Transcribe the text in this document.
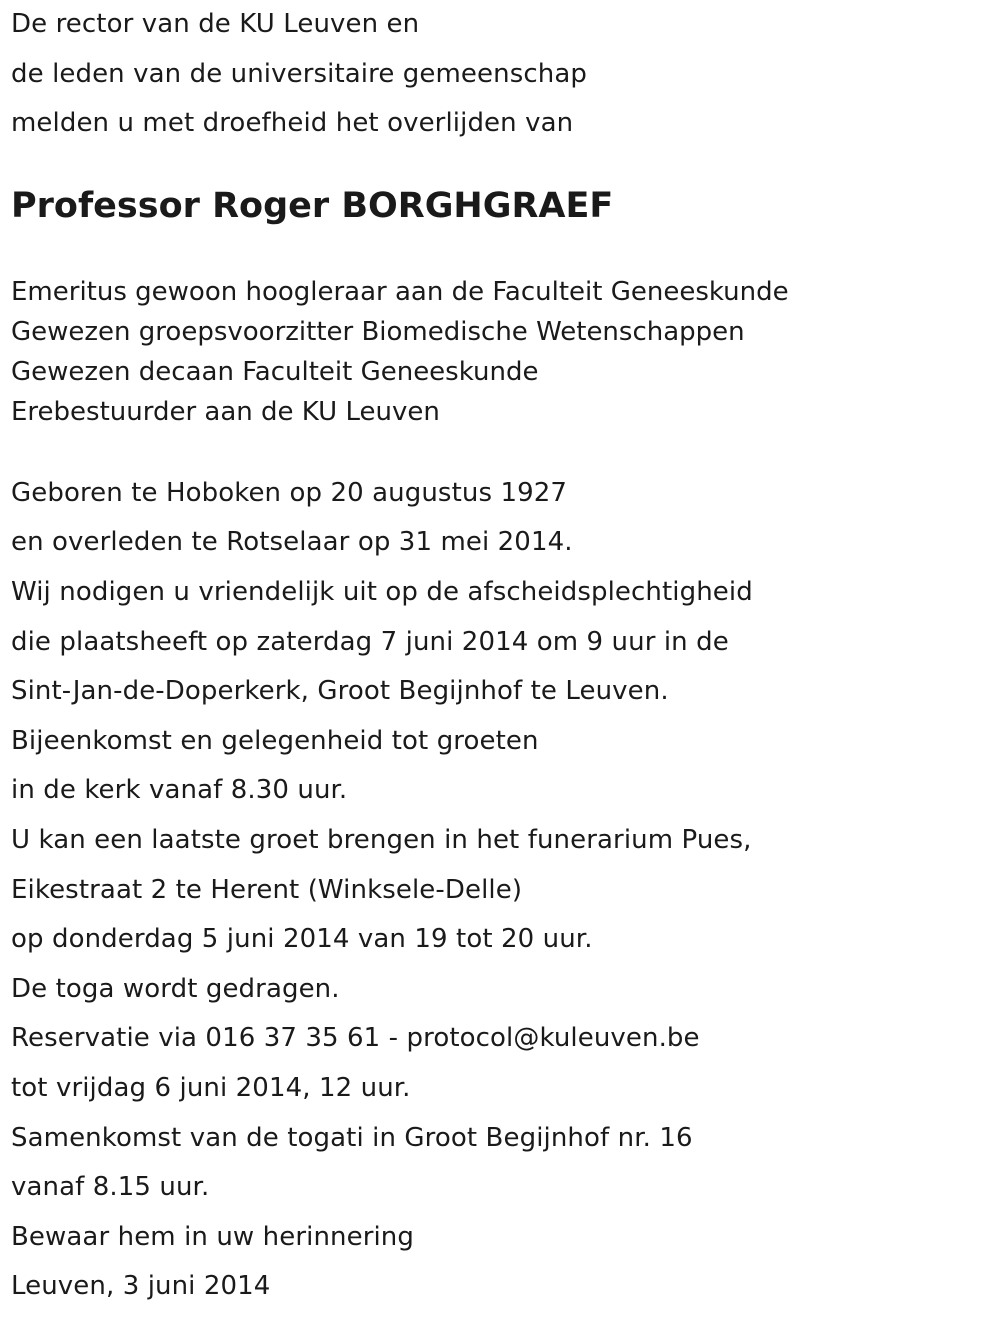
De rector van de KU Leuven en
de leden van de universitaire gemeenschap
melden u met droefheid het overlijden van
Professor Roger BORGHGRAEF
Emeritus gewoon hoogleraar aan de Faculteit Geneeskunde
Gewezen groepsvoorzitter Biomedische Wetenschappen
Gewezen decaan Faculteit Geneeskunde
Erebestuurder aan de KU Leuven
Geboren te Hoboken op 20 augustus 1927
en overleden te Rotselaar op 31 mei 2014.
Wij nodigen u vriendelijk uit op de afscheidsplechtigheid
die plaatsheeft op zaterdag 7 juni 2014 om 9 uur in de
Sint-Jan-de-Doperkerk, Groot Begijnhof te Leuven.
Bijeenkomst en gelegenheid tot groeten
in de kerk vanaf 8.30 uur.
U kan een laatste groet brengen in het funerarium Pues,
Eikestraat 2 te Herent (Winksele-Delle)
op donderdag 5 juni 2014 van 19 tot 20 uur.
De toga wordt gedragen.
Reservatie via 016 37 35 61 - protocol@kuleuven.be
tot vrijdag 6 juni 2014, 12 uur.
Samenkomst van de togati in Groot Begijnhof nr. 16
vanaf 8.15 uur.
Bewaar hem in uw herinnering
Leuven, 3 juni 2014
